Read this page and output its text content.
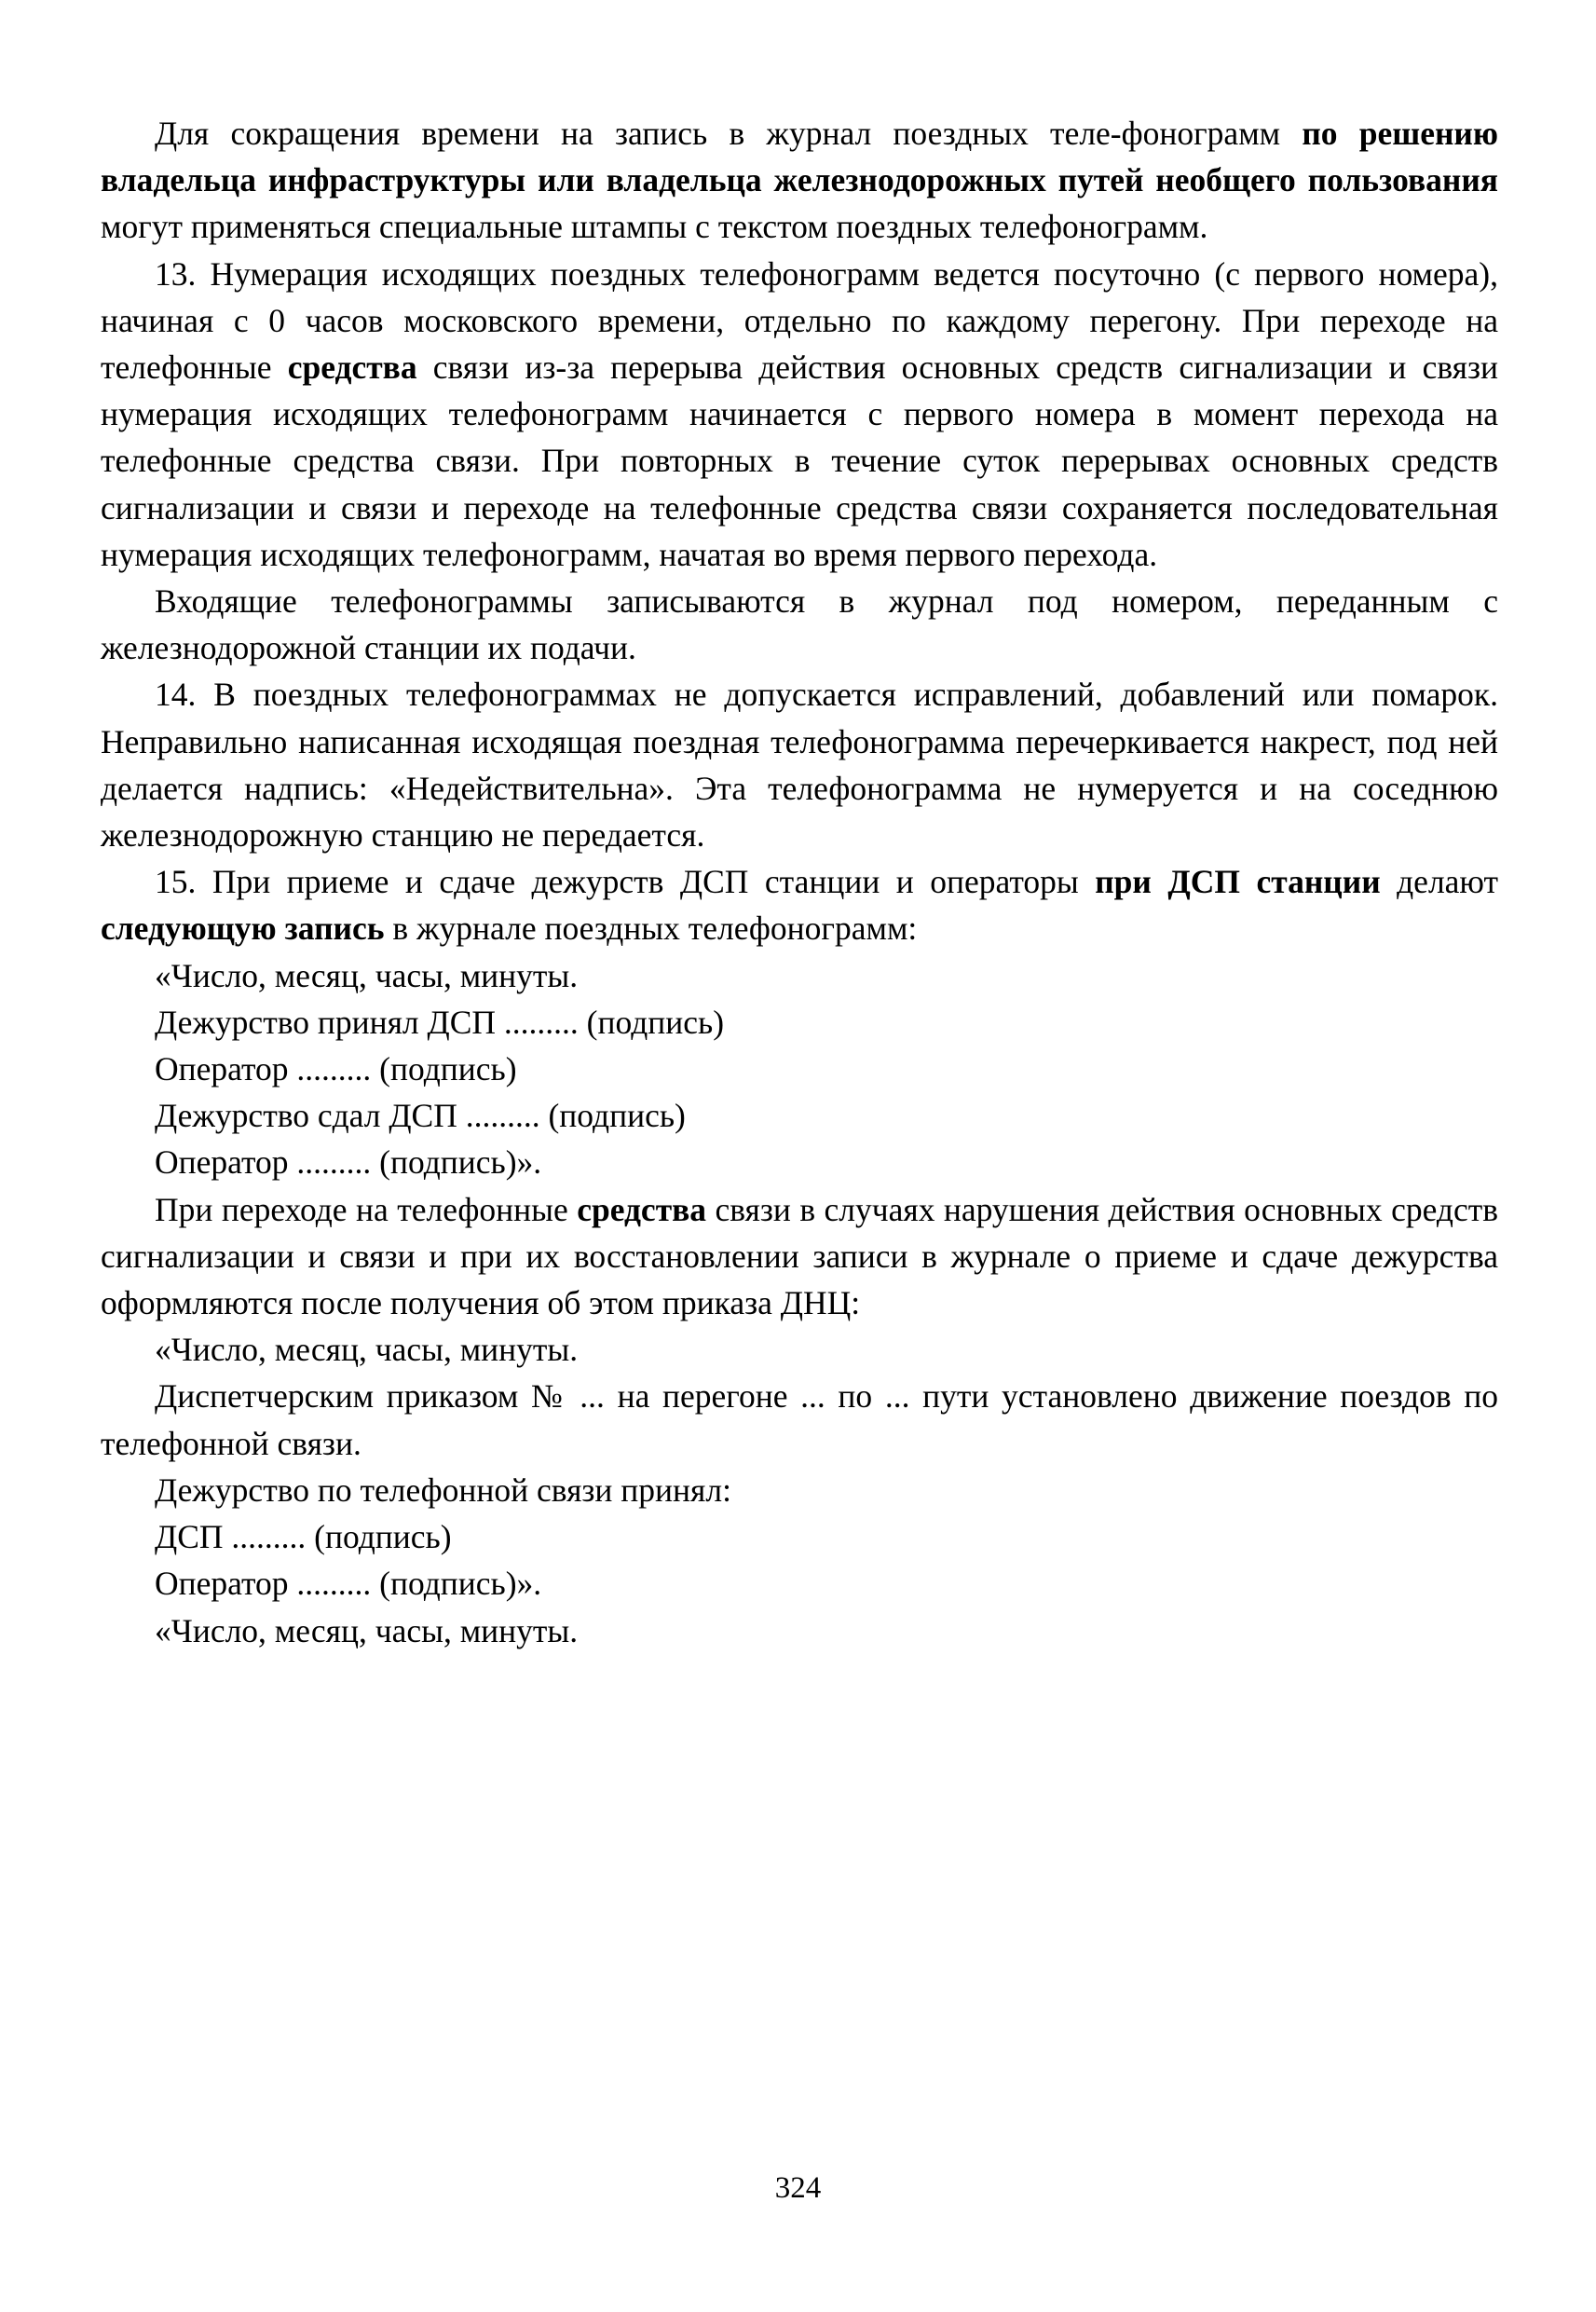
Для сокращения времени на запись в журнал поездных теле-фонограмм по решению владельца инфраструктуры или владельца железнодорожных путей необщего пользования могут применяться специальные штампы с текстом поездных телефонограмм.

13. Нумерация исходящих поездных телефонограмм ведется посуточно (с первого номера), начиная с 0 часов московского времени, отдельно по каждому перегону. При переходе на телефонные средства связи из-за перерыва действия основных средств сигнализации и связи нумерация исходящих телефонограмм начинается с первого номера в момент перехода на телефонные средства связи. При повторных в течение суток перерывах основных средств сигнализации и связи и переходе на телефонные средства связи сохраняется последовательная нумерация исходящих телефонограмм, начатая во время первого перехода.

Входящие телефонограммы записываются в журнал под номером, переданным с железнодорожной станции их подачи.

14. В поездных телефонограммах не допускается исправлений, добавлений или помарок. Неправильно написанная исходящая поездная телефонограмма перечеркивается накрест, под ней делается надпись: «Недействительна». Эта телефонограмма не нумеруется и на соседнюю железнодорожную станцию не передается.

15. При приеме и сдаче дежурств ДСП станции и операторы при ДСП станции делают следующую запись в журнале поездных телефонограмм:

«Число, месяц, часы, минуты.

Дежурство принял ДСП ......... (подпись)

Оператор ......... (подпись)

Дежурство сдал ДСП ......... (подпись)

Оператор ......... (подпись)».

При переходе на телефонные средства связи в случаях нарушения действия основных средств сигнализации и связи и при их восстановлении записи в журнале о приеме и сдаче дежурства оформляются после получения об этом приказа ДНЦ:

«Число, месяц, часы, минуты.

Диспетчерским приказом № ... на перегоне ... по ... пути установлено движение поездов по телефонной связи.

Дежурство по телефонной связи принял:

ДСП ......... (подпись)

Оператор ......... (подпись)».

«Число, месяц, часы, минуты.

324
